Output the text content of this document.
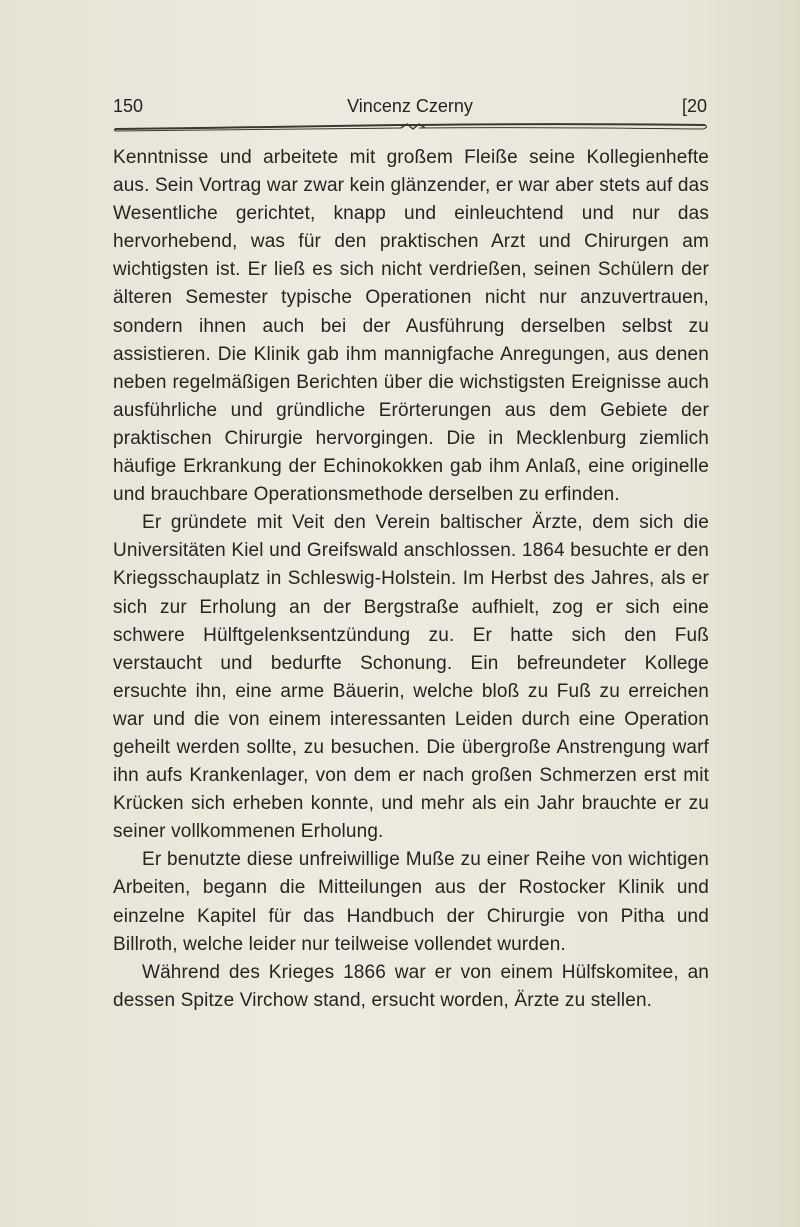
150	Vincenz Czerny	[20

Kenntnisse und arbeitete mit großem Fleiße seine Kollegienhefte aus. Sein Vortrag war zwar kein glänzender, er war aber stets auf das Wesentliche gerichtet, knapp und einleuchtend und nur das hervorhebend, was für den praktischen Arzt und Chirurgen am wichtigsten ist. Er ließ es sich nicht verdrießen, seinen Schülern der älteren Semester typische Operationen nicht nur anzuvertrauen, sondern ihnen auch bei der Ausführung derselben selbst zu assistieren. Die Klinik gab ihm mannigfache Anregungen, aus denen neben regelmäßigen Berichten über die wichstigsten Ereignisse auch ausführliche und gründliche Erörterungen aus dem Gebiete der praktischen Chirurgie hervorgingen. Die in Mecklenburg ziemlich häufige Erkrankung der Echinokokken gab ihm Anlaß, eine originelle und brauchbare Operationsmethode derselben zu erfinden.

Er gründete mit Veit den Verein baltischer Ärzte, dem sich die Universitäten Kiel und Greifswald anschlossen. 1864 besuchte er den Kriegsschauplatz in Schleswig-Holstein. Im Herbst des Jahres, als er sich zur Erholung an der Bergstraße aufhielt, zog er sich eine schwere Hülftgelenksentzündung zu. Er hatte sich den Fuß verstaucht und bedurfte Schonung. Ein befreundeter Kollege ersuchte ihn, eine arme Bäuerin, welche bloß zu Fuß zu erreichen war und die von einem interessanten Leiden durch eine Operation geheilt werden sollte, zu besuchen. Die übergroße Anstrengung warf ihn aufs Krankenlager, von dem er nach großen Schmerzen erst mit Krücken sich erheben konnte, und mehr als ein Jahr brauchte er zu seiner vollkommenen Erholung.

Er benutzte diese unfreiwillige Muße zu einer Reihe von wichtigen Arbeiten, begann die Mitteilungen aus der Rostocker Klinik und einzelne Kapitel für das Handbuch der Chirurgie von Pitha und Billroth, welche leider nur teilweise vollendet wurden.

Während des Krieges 1866 war er von einem Hülfskomitee, an dessen Spitze Virchow stand, ersucht worden, Ärzte zu stellen.
